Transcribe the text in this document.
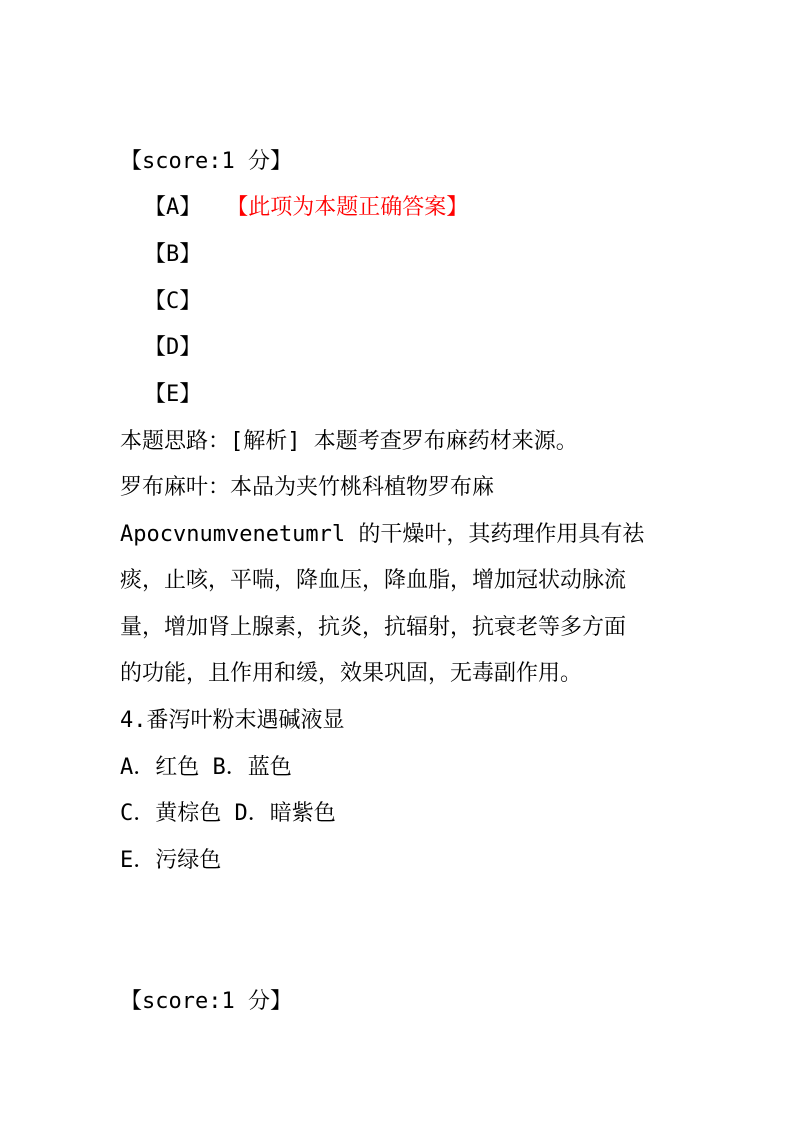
【score:1 分】
【A】 【此项为本题正确答案】
【B】
【C】
【D】
【E】
本题思路：[解析] 本题考查罗布麻药材来源。
罗布麻叶：本品为夹竹桃科植物罗布麻
Apocvnumvenetumrl 的干燥叶，其药理作用具有祛
痰，止咳，平喘，降血压，降血脂，增加冠状动脉流
量，增加肾上腺素，抗炎，抗辐射，抗衰老等多方面
的功能，且作用和缓，效果巩固，无毒副作用。
4.番泻叶粉末遇碱液显
A．红色 B．蓝色
C．黄棕色 D．暗紫色
E．污绿色
【score:1 分】
